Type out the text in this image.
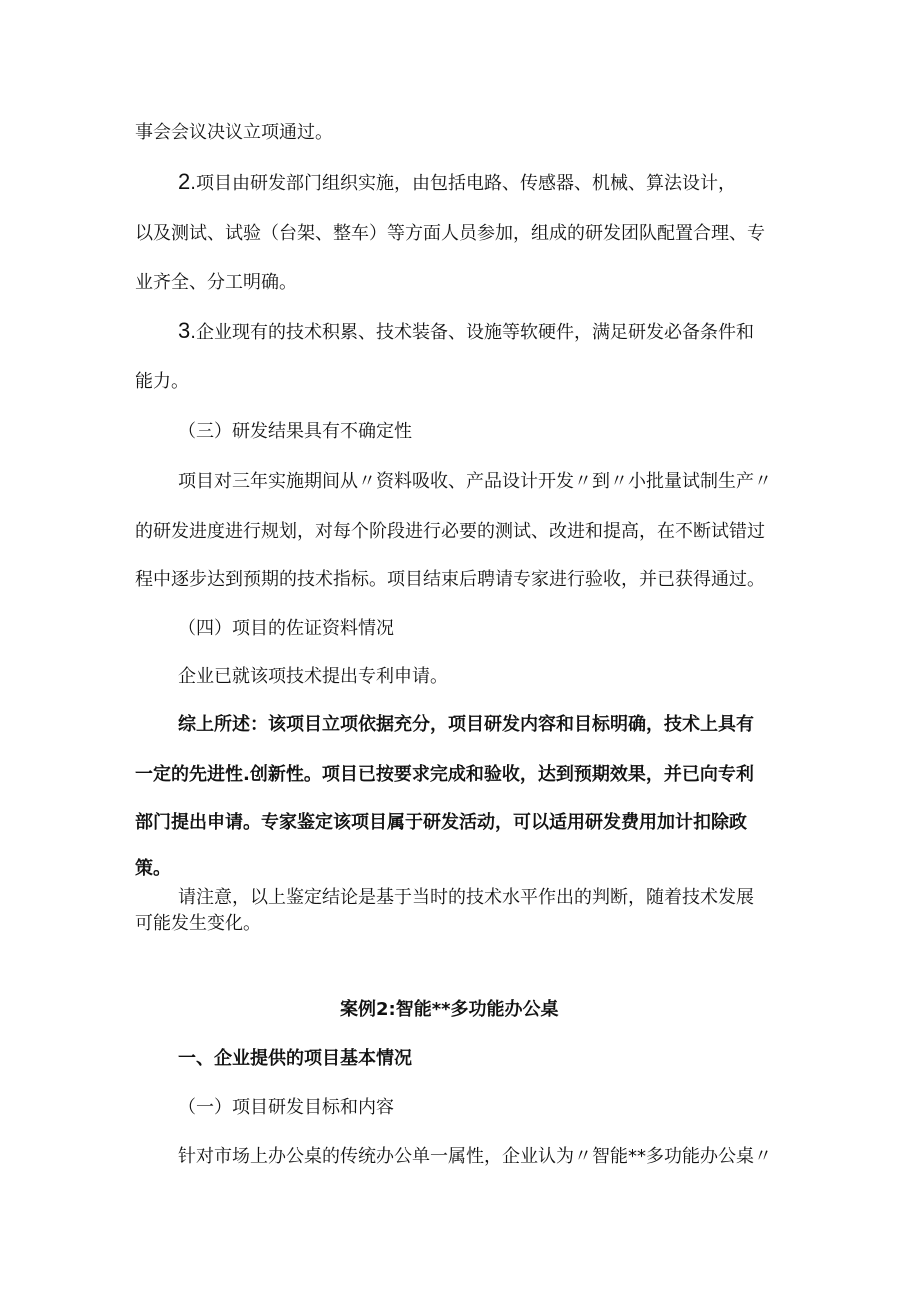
事会会议决议立项通过。

2.项目由研发部门组织实施，由包括电路、传感器、机械、算法设计，

以及测试、试验（台架、整车）等方面人员参加，组成的研发团队配置合理、专

业齐全、分工明确。

3.企业现有的技术积累、技术装备、设施等软硬件，满足研发必备条件和

能力。

（三）研发结果具有不确定性

项目对三年实施期间从〃资料吸收、产品设计开发〃到〃小批量试制生产〃

的研发进度进行规划，对每个阶段进行必要的测试、改进和提高，在不断试错过

程中逐步达到预期的技术指标。项目结束后聘请专家进行验收，并已获得通过。

（四）项目的佐证资料情况

企业已就该项技术提出专利申请。

综上所述：该项目立项依据充分，项目研发内容和目标明确，技术上具有

一定的先进性.创新性。项目已按要求完成和验收，达到预期效果，并已向专利

部门提出申请。专家鉴定该项目属于研发活动，可以适用研发费用加计扣除政

策。

请注意，以上鉴定结论是基于当时的技术水平作出的判断，随着技术发展

可能发生变化。

案例2:智能**多功能办公桌

一、企业提供的项目基本情况

（一）项目研发目标和内容

针对市场上办公桌的传统办公单一属性，企业认为〃智能**多功能办公桌〃
